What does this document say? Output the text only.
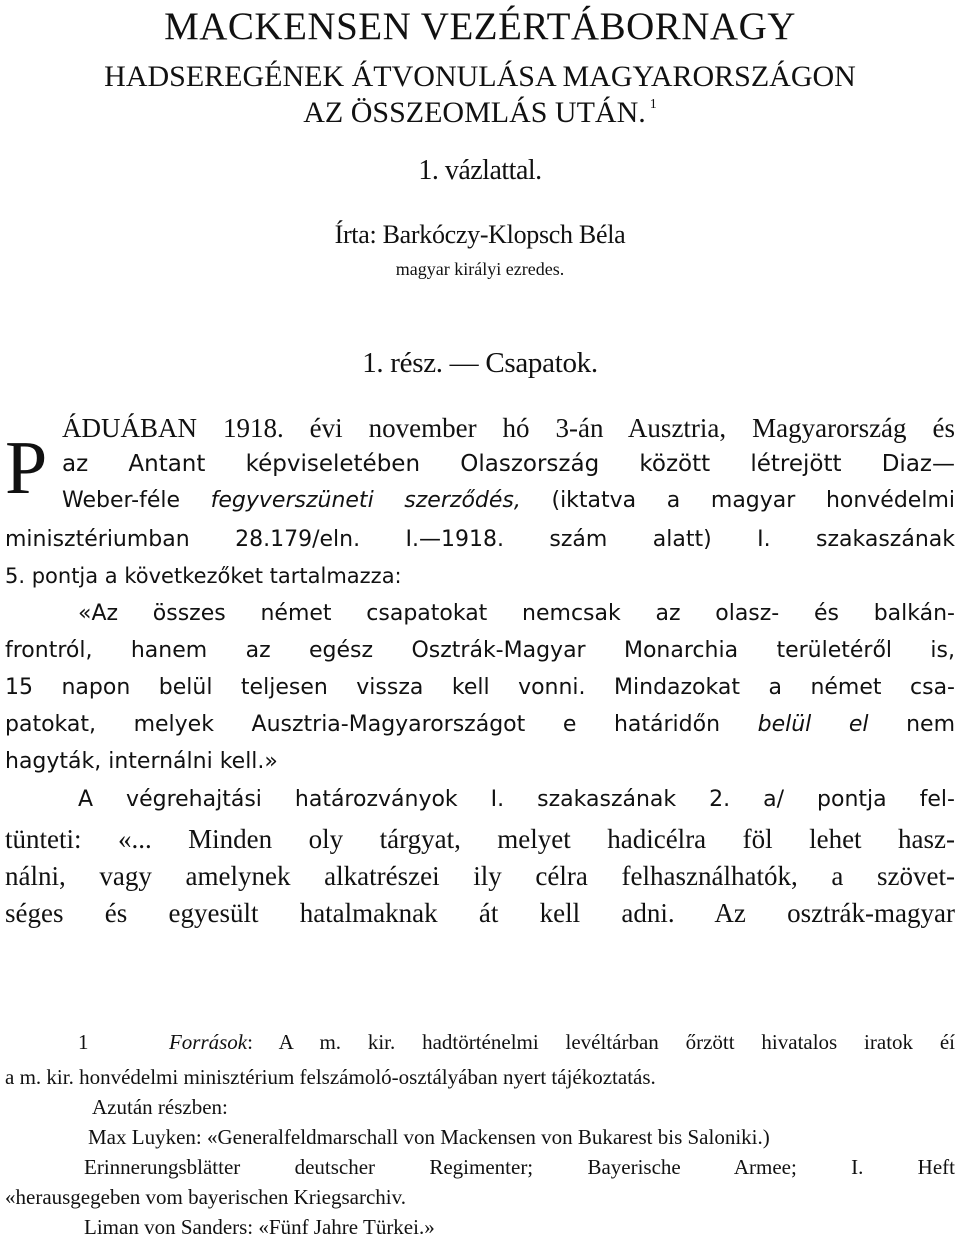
MACKENSEN VEZÉRTÁBORNAGY
HADSEREGÉNEK ÁTVONULÁSA MAGYARORSZÁGON
AZ ÖSSZEOMLÁS UTÁN. $^1$
1. vázlattal.
Írta: Barkóczy-Klopsch Béla
magyar királyi ezredes.
1. rész. — Csapatok.
P ÁDUÁBAN 1918. évi november hó 3-án Ausztria, Magyarország és
az Antant képviseletében Olaszország között létrejött Diaz—
Weber-féle fegyverszüneti szerződés, (iktatva a magyar honvédelmi
minisztériumban 28.179/eln. I.—1918. szám alatt) I. szakaszának
5. pontja a következőket tartalmazza:
«Az összes német csapatokat nemcsak az olasz- és balkán-
frontról, hanem az egész Osztrák-Magyar Monarchia területéről is,
15 napon belül teljesen vissza kell vonni. Mindazokat a német csa-
patokat, melyek Ausztria-Magyarországot e határidőn belül el nem
hagyták, internálni kell.»
A végrehajtási határozványok I. szakaszának 2. a/ pontja fel-
tünteti: «... Minden oly tárgyat, melyet hadicélra föl lehet hasz-
nálni, vagy amelynek alkatrészei ily célra felhasználhatók, a szövet-
séges és egyesült hatalmaknak át kell adni. Az osztrák-magyar
1	Források: A m. kir. hadtörténelmi levéltárban őrzött hivatalos iratok éí
a m. kir. honvédelmi minisztérium felszámoló-osztályában nyert tájékoztatás.
Azután részben:
Max Luyken: «Generalfeldmarschall von Mackensen von Bukarest bis Saloniki.)
Erinnerungsblätter deutscher Regimenter; Bayerische Armee; I. Heft
«herausgegeben vom bayerischen Kriegsarchiv.
Liman von Sanders: «Fünf Jahre Türkei.»
